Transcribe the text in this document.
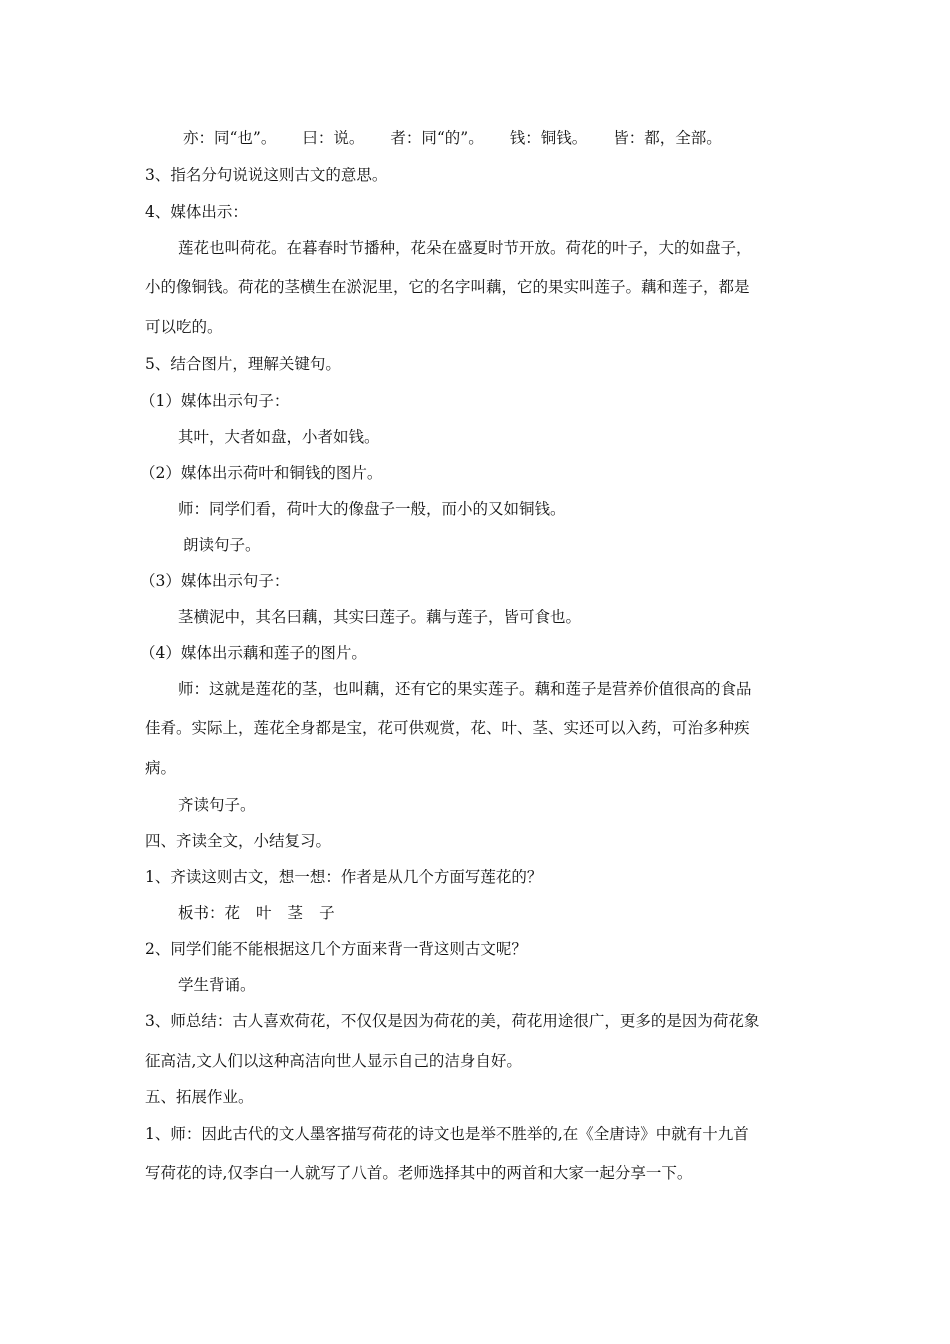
亦：同“也”。 曰：说。 者：同“的”。 钱：铜钱。 皆：都，全部。
3、指名分句说说这则古文的意思。
4、媒体出示：
莲花也叫荷花。在暮春时节播种，花朵在盛夏时节开放。荷花的叶子，大的如盘子，
小的像铜钱。荷花的茎横生在淤泥里，它的名字叫藕，它的果实叫莲子。藕和莲子，都是
可以吃的。
5、结合图片，理解关键句。
（1）媒体出示句子：
其叶，大者如盘，小者如钱。
（2）媒体出示荷叶和铜钱的图片。
师：同学们看，荷叶大的像盘子一般，而小的又如铜钱。
朗读句子。
（3）媒体出示句子：
茎横泥中，其名曰藕，其实曰莲子。藕与莲子，皆可食也。
（4）媒体出示藕和莲子的图片。
师：这就是莲花的茎，也叫藕，还有它的果实莲子。藕和莲子是营养价值很高的食品
佳肴。实际上，莲花全身都是宝，花可供观赏，花、叶、茎、实还可以入药，可治多种疾
病。
齐读句子。
四、齐读全文，小结复习。
1、齐读这则古文，想一想：作者是从几个方面写莲花的？
板书：花 叶 茎 子
2、同学们能不能根据这几个方面来背一背这则古文呢？
学生背诵。
3、师总结：古人喜欢荷花，不仅仅是因为荷花的美，荷花用途很广，更多的是因为荷花象
征高洁,文人们以这种高洁向世人显示自己的洁身自好。
五、拓展作业。
1、师：因此古代的文人墨客描写荷花的诗文也是举不胜举的,在《全唐诗》中就有十九首
写荷花的诗,仅李白一人就写了八首。老师选择其中的两首和大家一起分享一下。
